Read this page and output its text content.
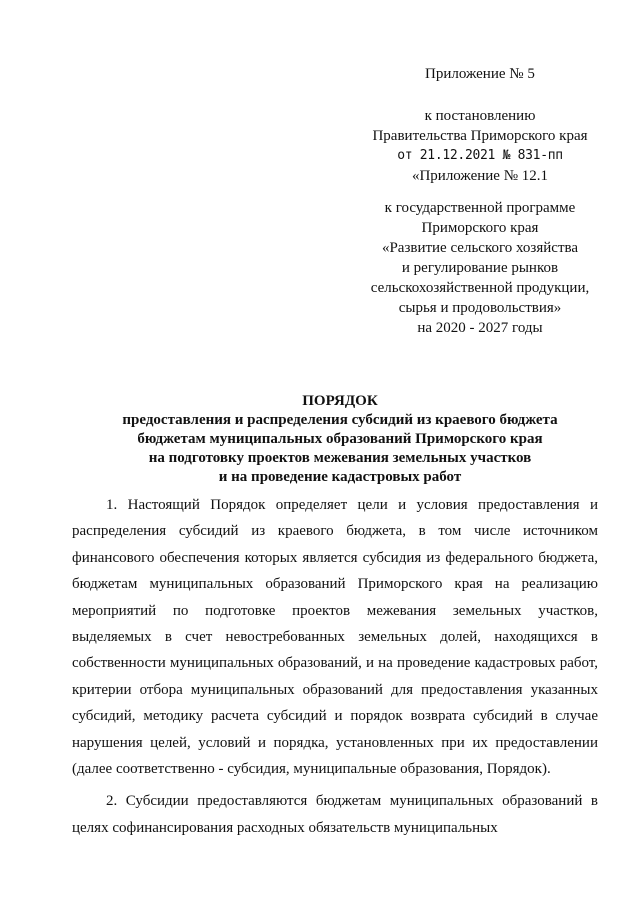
Приложение № 5
к постановлению
Правительства Приморского края
от 21.12.2021 № 831-пп
«Приложение № 12.1
к государственной программе
Приморского края
«Развитие сельского хозяйства
и регулирование рынков
сельскохозяйственной продукции,
сырья и продовольствия»
на 2020 - 2027 годы
ПОРЯДОК
предоставления и распределения субсидий из краевого бюджета
бюджетам муниципальных образований Приморского края
на подготовку проектов межевания земельных участков
и на проведение кадастровых работ

1. Настоящий Порядок определяет цели и условия предоставления и распределения субсидий из краевого бюджета, в том числе источником финансового обеспечения которых является субсидия из федерального бюджета, бюджетам муниципальных образований Приморского края на реализацию мероприятий по подготовке проектов межевания земельных участков, выделяемых в счет невостребованных земельных долей, находящихся в собственности муниципальных образований, и на проведение кадастровых работ, критерии отбора муниципальных образований для предоставления указанных субсидий, методику расчета субсидий и порядок возврата субсидий в случае нарушения целей, условий и порядка, установленных при их предоставлении (далее соответственно - субсидия, муниципальные образования, Порядок).

2. Субсидии предоставляются бюджетам муниципальных образований в целях софинансирования расходных обязательств муниципальных
